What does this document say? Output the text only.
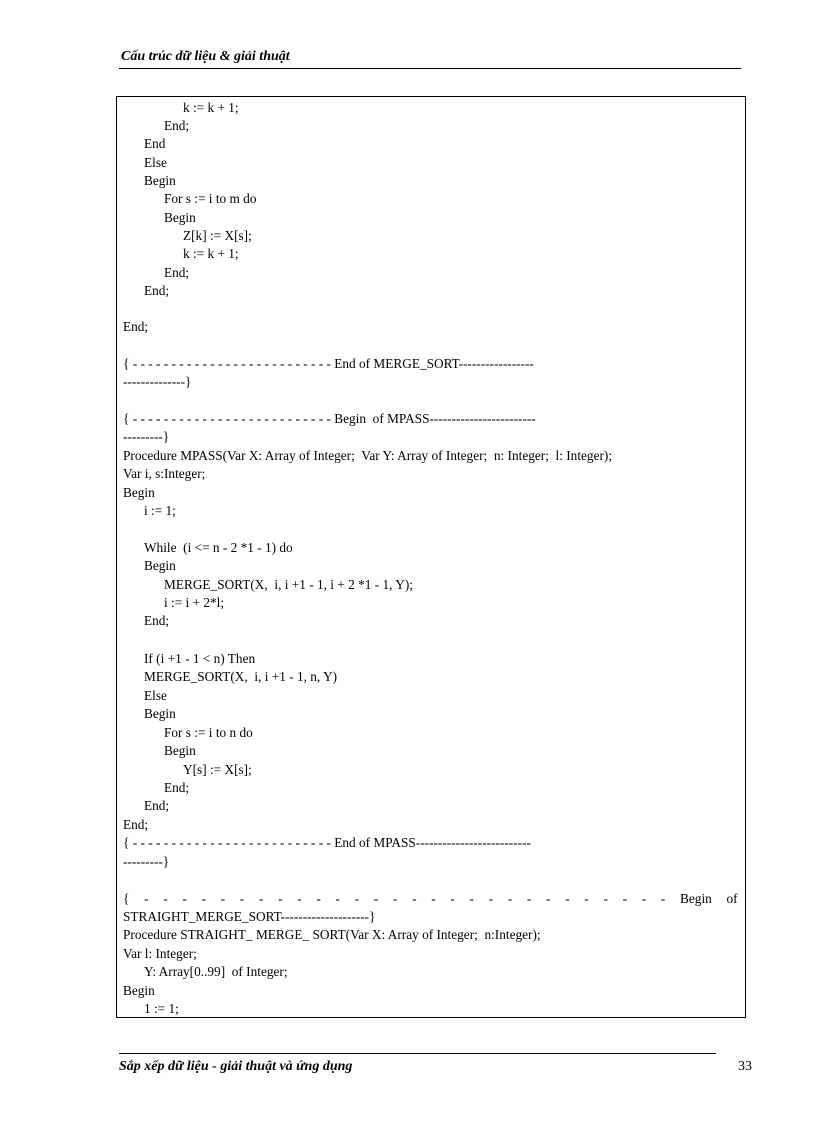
Cấu trúc dữ liệu & giải thuật
k := k + 1;
End;
End
Else
Begin
For s := i to m do
Begin
Z[k] := X[s];
k := k + 1;
End;
End;
End;
{ - - - - - - - - - - - - - - - - - - - - - - - - - - End of MERGE_SORT-----------------
--------------}
{ - - - - - - - - - - - - - - - - - - - - - - - - - - Begin  of MPASS------------------------
---------}
Procedure MPASS(Var X: Array of Integer;  Var Y: Array of Integer;  n: Integer;  l: Integer);
Var i, s:Integer;
Begin
i := 1;
While  (i <= n - 2 *1 - 1) do
Begin
MERGE_SORT(X,  i, i +1 - 1, i + 2 *1 - 1, Y);
i := i + 2*l;
End;
If (i +1 - 1 < n) Then
MERGE_SORT(X,  i, i +1 - 1, n, Y)
Else
Begin
For s := i to n do
Begin
Y[s] := X[s];
End;
End;
End;
{ - - - - - - - - - - - - - - - - - - - - - - - - - - End of MPASS--------------------------
---------}
{ - - - - - - - - - - - - - - - - - - - - - - - - - - - - Begin of
STRAIGHT_MERGE_SORT--------------------}
Procedure STRAIGHT_ MERGE_ SORT(Var X: Array of Integer;  n:Integer);
Var l: Integer;
Y: Array[0..99]  of Integer;
Begin
1 := 1;
Sắp xếp dữ liệu - giải thuật và ứng dụng	33
